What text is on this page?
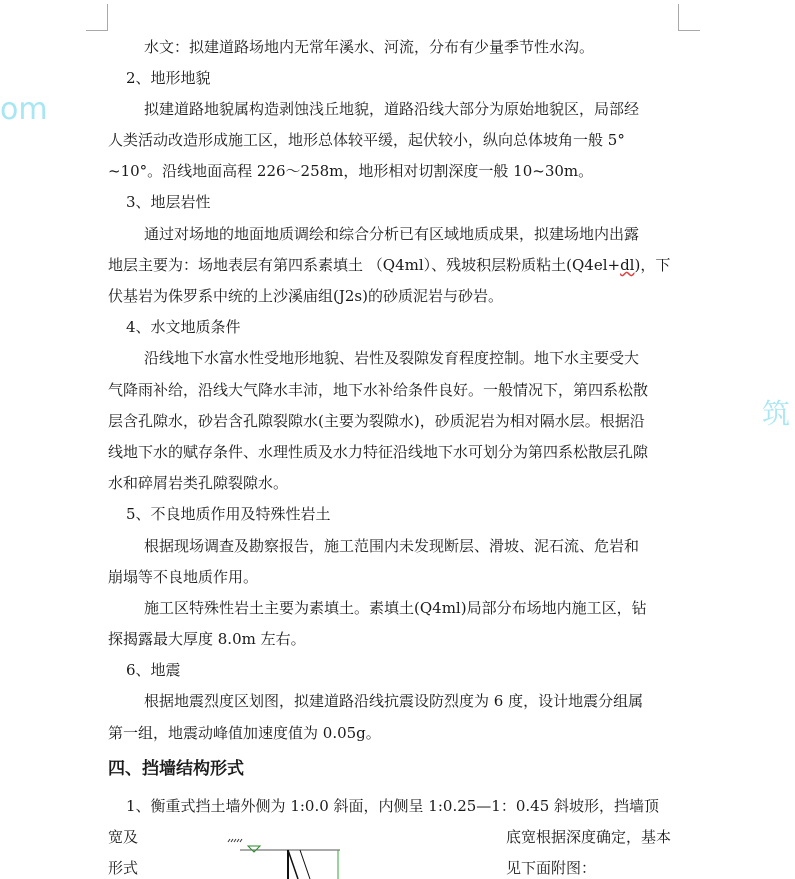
om
筑
水文：拟建道路场地内无常年溪水、河流，分布有少量季节性水沟。
2、地形地貌
拟建道路地貌属构造剥蚀浅丘地貌，道路沿线大部分为原始地貌区，局部经
人类活动改造形成施工区，地形总体较平缓，起伏较小，纵向总体坡角一般 5°
~10°。沿线地面高程 226～258m，地形相对切割深度一般 10~30m。
3、地层岩性
通过对场地的地面地质调绘和综合分析已有区域地质成果，拟建场地内出露
地层主要为：场地表层有第四系素填土 （Q4ml）、残坡积层粉质粘土(Q4el+dl)，下
伏基岩为侏罗系中统的上沙溪庙组(J2s)的砂质泥岩与砂岩。
4、水文地质条件
沿线地下水富水性受地形地貌、岩性及裂隙发育程度控制。地下水主要受大
气降雨补给，沿线大气降水丰沛，地下水补给条件良好。一般情况下，第四系松散
层含孔隙水，砂岩含孔隙裂隙水(主要为裂隙水)，砂质泥岩为相对隔水层。根据沿
线地下水的赋存条件、水理性质及水力特征沿线地下水可划分为第四系松散层孔隙
水和碎屑岩类孔隙裂隙水。
5、不良地质作用及特殊性岩土
根据现场调查及勘察报告，施工范围内未发现断层、滑坡、泥石流、危岩和
崩塌等不良地质作用。
施工区特殊性岩土主要为素填土。素填土(Q4ml)局部分布场地内施工区，钻
探揭露最大厚度 8.0m 左右。
6、地震
根据地震烈度区划图，拟建道路沿线抗震设防烈度为 6 度，设计地震分组属
第一组，地震动峰值加速度值为 0.05g。
四、挡墙结构形式
1、衡重式挡土墙外侧为 1:0.0 斜面，内侧呈 1:0.25—1：0.45 斜坡形，挡墙顶
宽及
形式
底宽根据深度确定，基本
见下面附图：
